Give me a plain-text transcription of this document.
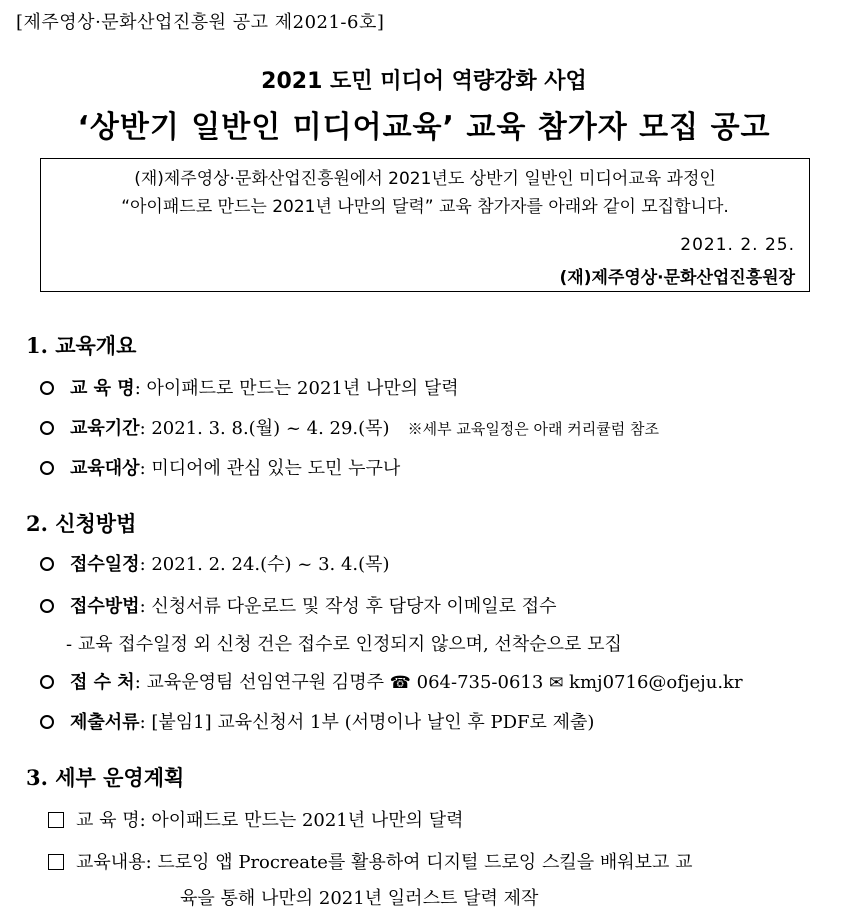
[제주영상·문화산업진흥원 공고 제2021-6호]
2021 도민 미디어 역량강화 사업
‘상반기 일반인 미디어교육’ 교육 참가자 모집 공고
(재)제주영상·문화산업진흥원에서 2021년도 상반기 일반인 미디어교육 과정인
“아이패드로 만드는 2021년 나만의 달력” 교육 참가자를 아래와 같이 모집합니다.
2021. 2. 25.
(재)제주영상·문화산업진흥원장
1. 교육개요
교 육 명: 아이패드로 만드는 2021년 나만의 달력
교육기간: 2021. 3. 8.(월) ~ 4. 29.(목) ※세부 교육일정은 아래 커리큘럼 참조
교육대상: 미디어에 관심 있는 도민 누구나
2. 신청방법
접수일정: 2021. 2. 24.(수) ~ 3. 4.(목)
접수방법: 신청서류 다운로드 및 작성 후 담당자 이메일로 접수
- 교육 접수일정 외 신청 건은 접수로 인정되지 않으며, 선착순으로 모집
접 수 처: 교육운영팀 선임연구원 김명주 ☎ 064-735-0613 ✉ kmj0716@ofjeju.kr
제출서류: [붙임1] 교육신청서 1부 (서명이나 날인 후 PDF로 제출)
3. 세부 운영계획
교 육 명: 아이패드로 만드는 2021년 나만의 달력
교육내용: 드로잉 앱 Procreate를 활용하여 디지털 드로잉 스킬을 배워보고 교
육을 통해 나만의 2021년 일러스트 달력 제작
